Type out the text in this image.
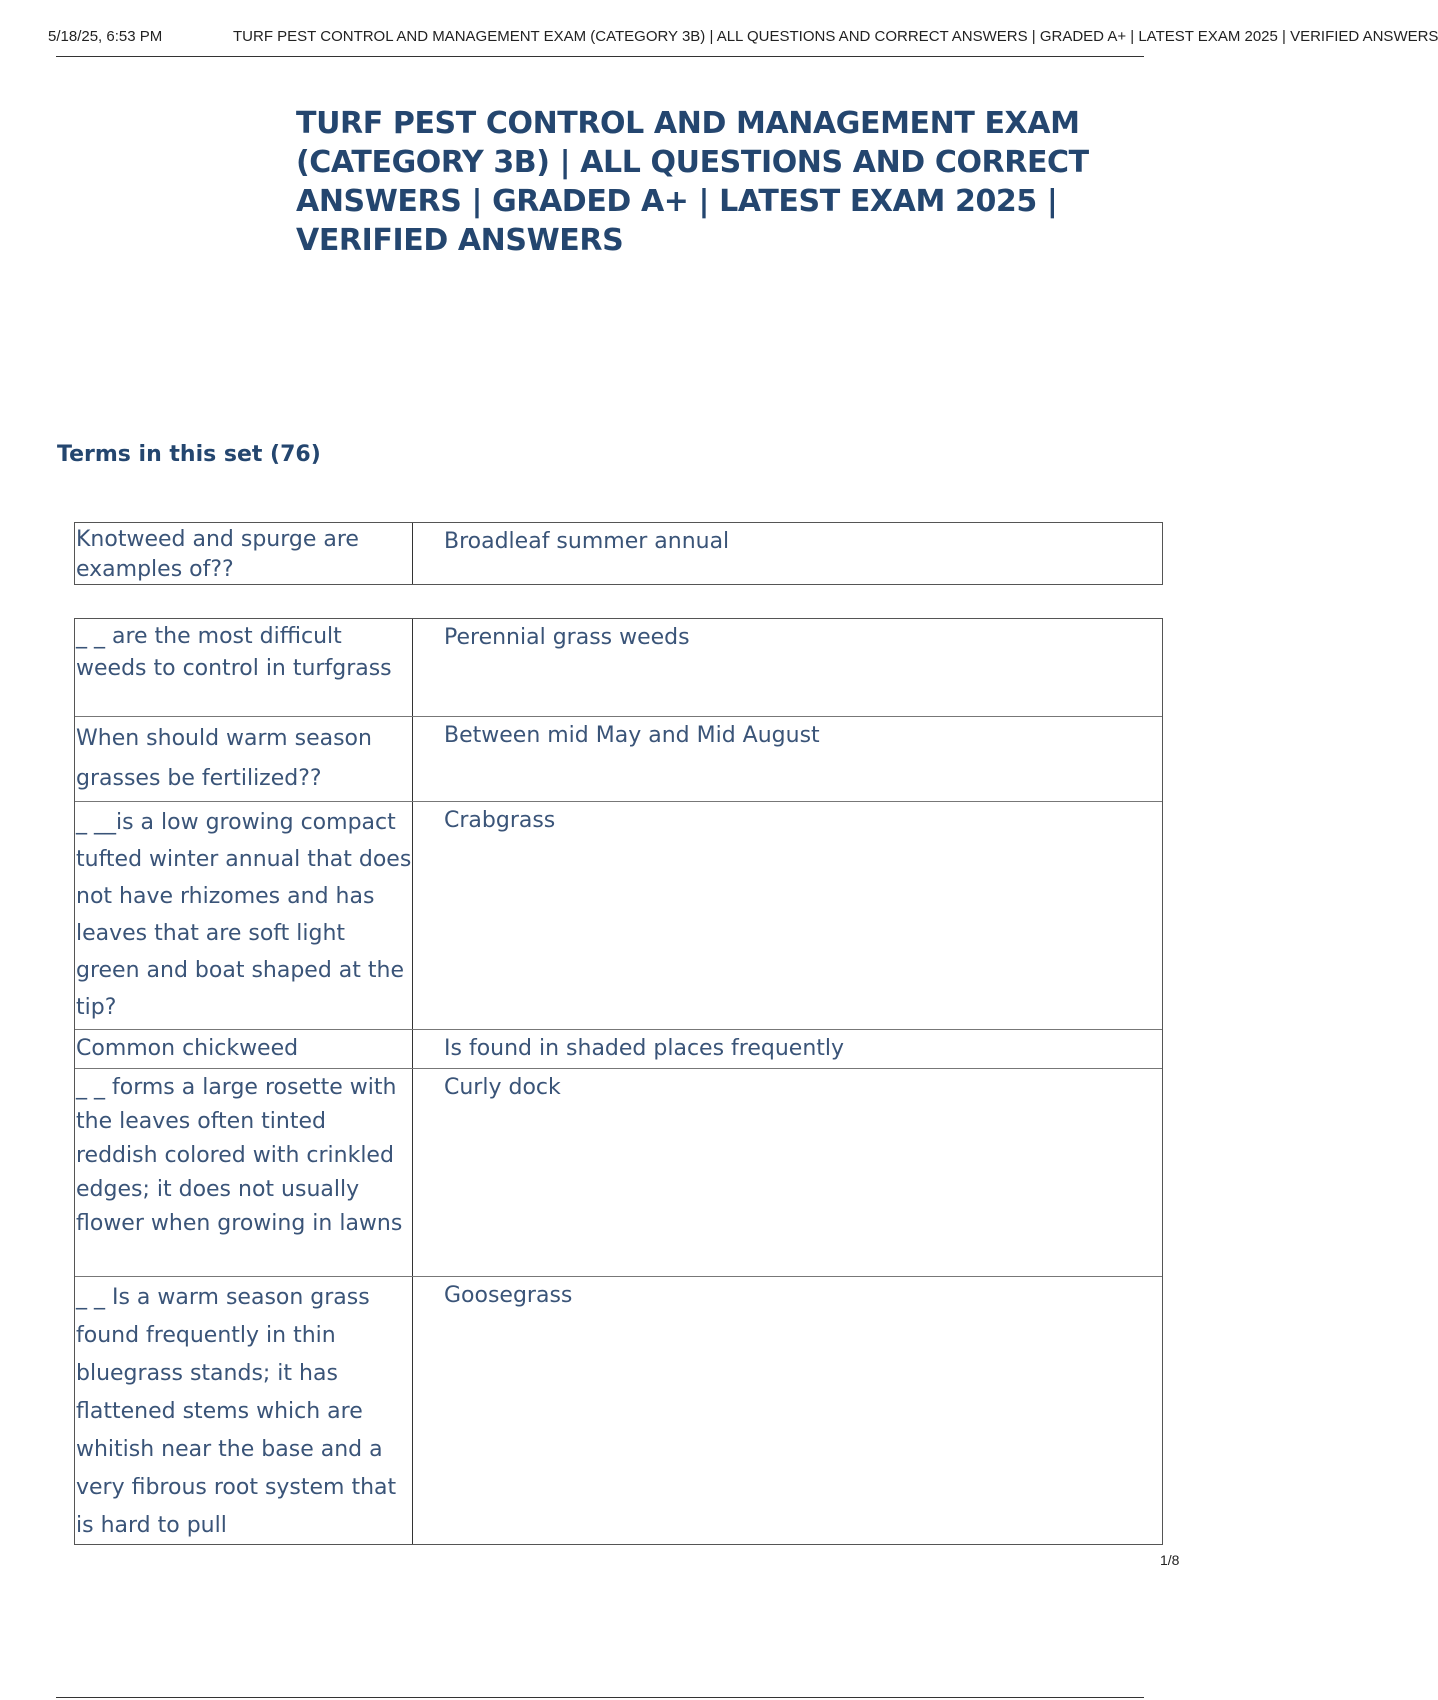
5/18/25, 6:53 PM	TURF PEST CONTROL AND MANAGEMENT EXAM (CATEGORY 3B) | ALL QUESTIONS AND CORRECT ANSWERS | GRADED A+ | LATEST EXAM 2025 | VERIFIED ANSWERS
TURF PEST CONTROL AND MANAGEMENT EXAM (CATEGORY 3B) | ALL QUESTIONS AND CORRECT ANSWERS | GRADED A+ | LATEST EXAM 2025 | VERIFIED ANSWERS
Terms in this set (76)
Knotweed and spurge are examples of??
Broadleaf summer annual
_ _ are the most difficult weeds to control in turfgrass
Perennial grass weeds
When should warm season grasses be fertilized??
Between mid May and Mid August
_ __is a low growing compact tufted winter annual that does not have rhizomes and has leaves that are soft light green and boat shaped at the tip?
Crabgrass
Common chickweed	Is found in shaded places frequently
_ _ forms a large rosette with the leaves often tinted reddish colored with crinkled edges; it does not usually flower when growing in lawns
Curly dock
_ _ Is a warm season grass found frequently in thin bluegrass stands; it has flattened stems which are whitish near the base and a very fibrous root system that is hard to pull
Goosegrass
1/8
